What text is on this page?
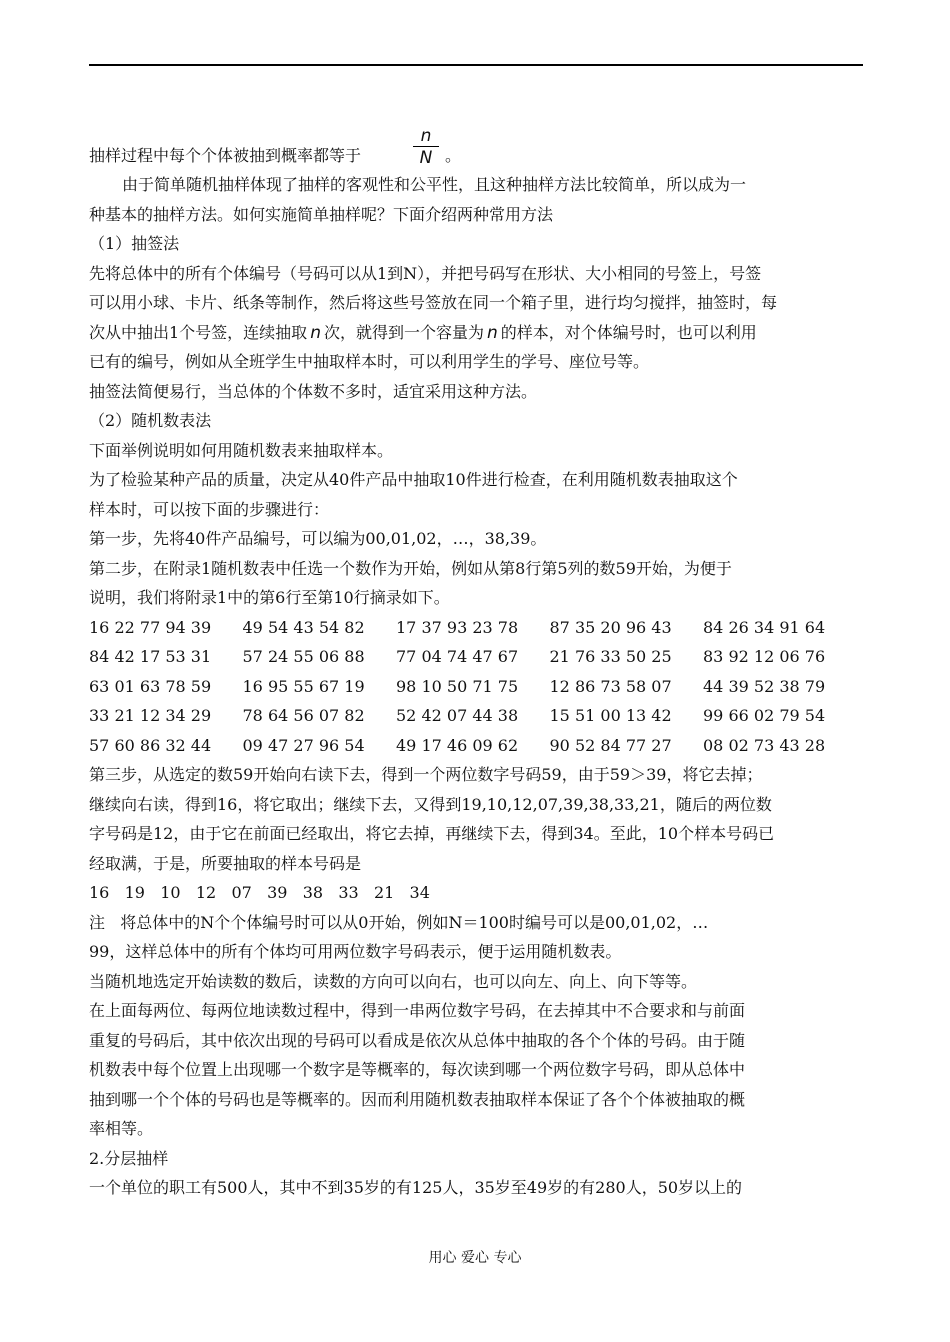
抽样过程中每个个体被抽到概率都等于	$\frac{n}{N}$ 。
由于简单随机抽样体现了抽样的客观性和公平性，且这种抽样方法比较简单，所以成为一
种基本的抽样方法。如何实施简单抽样呢？下面介绍两种常用方法
（1）抽签法
先将总体中的所有个体编号（号码可以从1到N），并把号码写在形状、大小相同的号签上，号签
可以用小球、卡片、纸条等制作，然后将这些号签放在同一个箱子里，进行均匀搅拌，抽签时，每
次从中抽出1个号签，连续抽取 n 次，就得到一个容量为 n 的样本，对个体编号时，也可以利用
已有的编号，例如从全班学生中抽取样本时，可以利用学生的学号、座位号等。
抽签法简便易行，当总体的个体数不多时，适宜采用这种方法。
（2）随机数表法
下面举例说明如何用随机数表来抽取样本。
为了检验某种产品的质量，决定从40件产品中抽取10件进行检查，在利用随机数表抽取这个
样本时，可以按下面的步骤进行：
第一步，先将40件产品编号，可以编为00,01,02，…，38,39。
第二步，在附录1随机数表中任选一个数作为开始，例如从第8行第5列的数59开始，为便于
说明，我们将附录1中的第6行至第10行摘录如下。
16 22 77 94 39	49 54 43 54 82	17 37 93 23 78	87 35 20 96 43	84 26 34 91 64
84 42 17 53 31	57 24 55 06 88	77 04 74 47 67	21 76 33 50 25	83 92 12 06 76
63 01 63 78 59	16 95 55 67 19	98 10 50 71 75	12 86 73 58 07	44 39 52 38 79
33 21 12 34 29	78 64 56 07 82	52 42 07 44 38	15 51 00 13 42	99 66 02 79 54
57 60 86 32 44	09 47 27 96 54	49 17 46 09 62	90 52 84 77 27	08 02 73 43 28
第三步，从选定的数59开始向右读下去，得到一个两位数字号码59，由于59＞39，将它去掉；
继续向右读，得到16，将它取出；继续下去，又得到19,10,12,07,39,38,33,21，随后的两位数
字号码是12，由于它在前面已经取出，将它去掉，再继续下去，得到34。至此，10个样本号码已
经取满，于是，所要抽取的样本号码是
16   19   10   12   07   39   38   33   21   34
注   将总体中的N个个体编号时可以从0开始，例如N＝100时编号可以是00,01,02，…
99，这样总体中的所有个体均可用两位数字号码表示，便于运用随机数表。
当随机地选定开始读数的数后，读数的方向可以向右，也可以向左、向上、向下等等。
在上面每两位、每两位地读数过程中，得到一串两位数字号码，在去掉其中不合要求和与前面
重复的号码后，其中依次出现的号码可以看成是依次从总体中抽取的各个个体的号码。由于随
机数表中每个位置上出现哪一个数字是等概率的，每次读到哪一个两位数字号码，即从总体中
抽到哪一个个体的号码也是等概率的。因而利用随机数表抽取样本保证了各个个体被抽取的概
率相等。
2.分层抽样
一个单位的职工有500人，其中不到35岁的有125人，35岁至49岁的有280人，50岁以上的
用心 爱心 专心
